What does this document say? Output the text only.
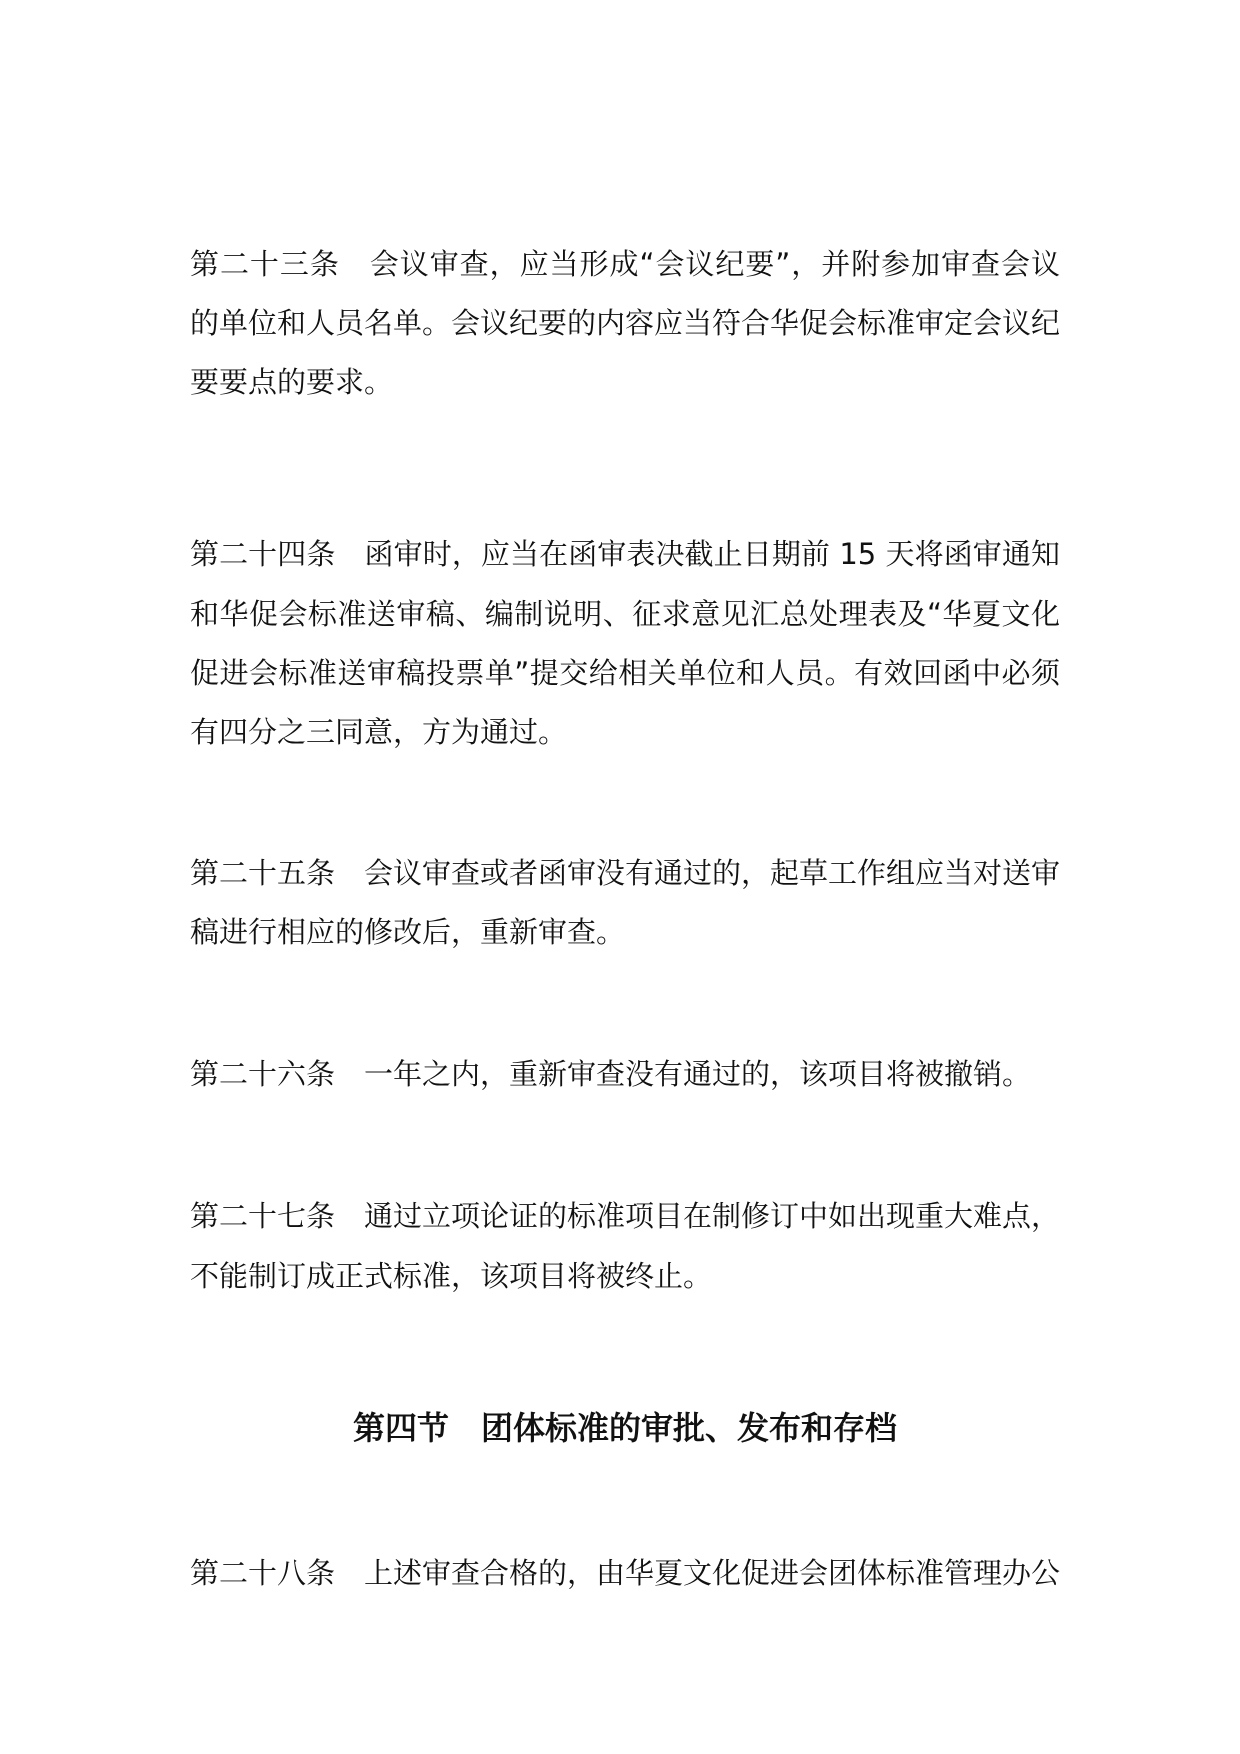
第二十三条　会议审查，应当形成“会议纪要”，并附参加审查会议
的单位和人员名单。会议纪要的内容应当符合华促会标准审定会议纪
要要点的要求。
第二十四条　函审时，应当在函审表决截止日期前 15 天将函审通知
和华促会标准送审稿、编制说明、征求意见汇总处理表及“华夏文化
促进会标准送审稿投票单”提交给相关单位和人员。有效回函中必须
有四分之三同意，方为通过。
第二十五条　会议审查或者函审没有通过的，起草工作组应当对送审
稿进行相应的修改后，重新审查。
第二十六条　一年之内，重新审查没有通过的，该项目将被撤销。
第二十七条　通过立项论证的标准项目在制修订中如出现重大难点，
不能制订成正式标准，该项目将被终止。
第四节　团体标准的审批、发布和存档
第二十八条　上述审查合格的，由华夏文化促进会团体标准管理办公
